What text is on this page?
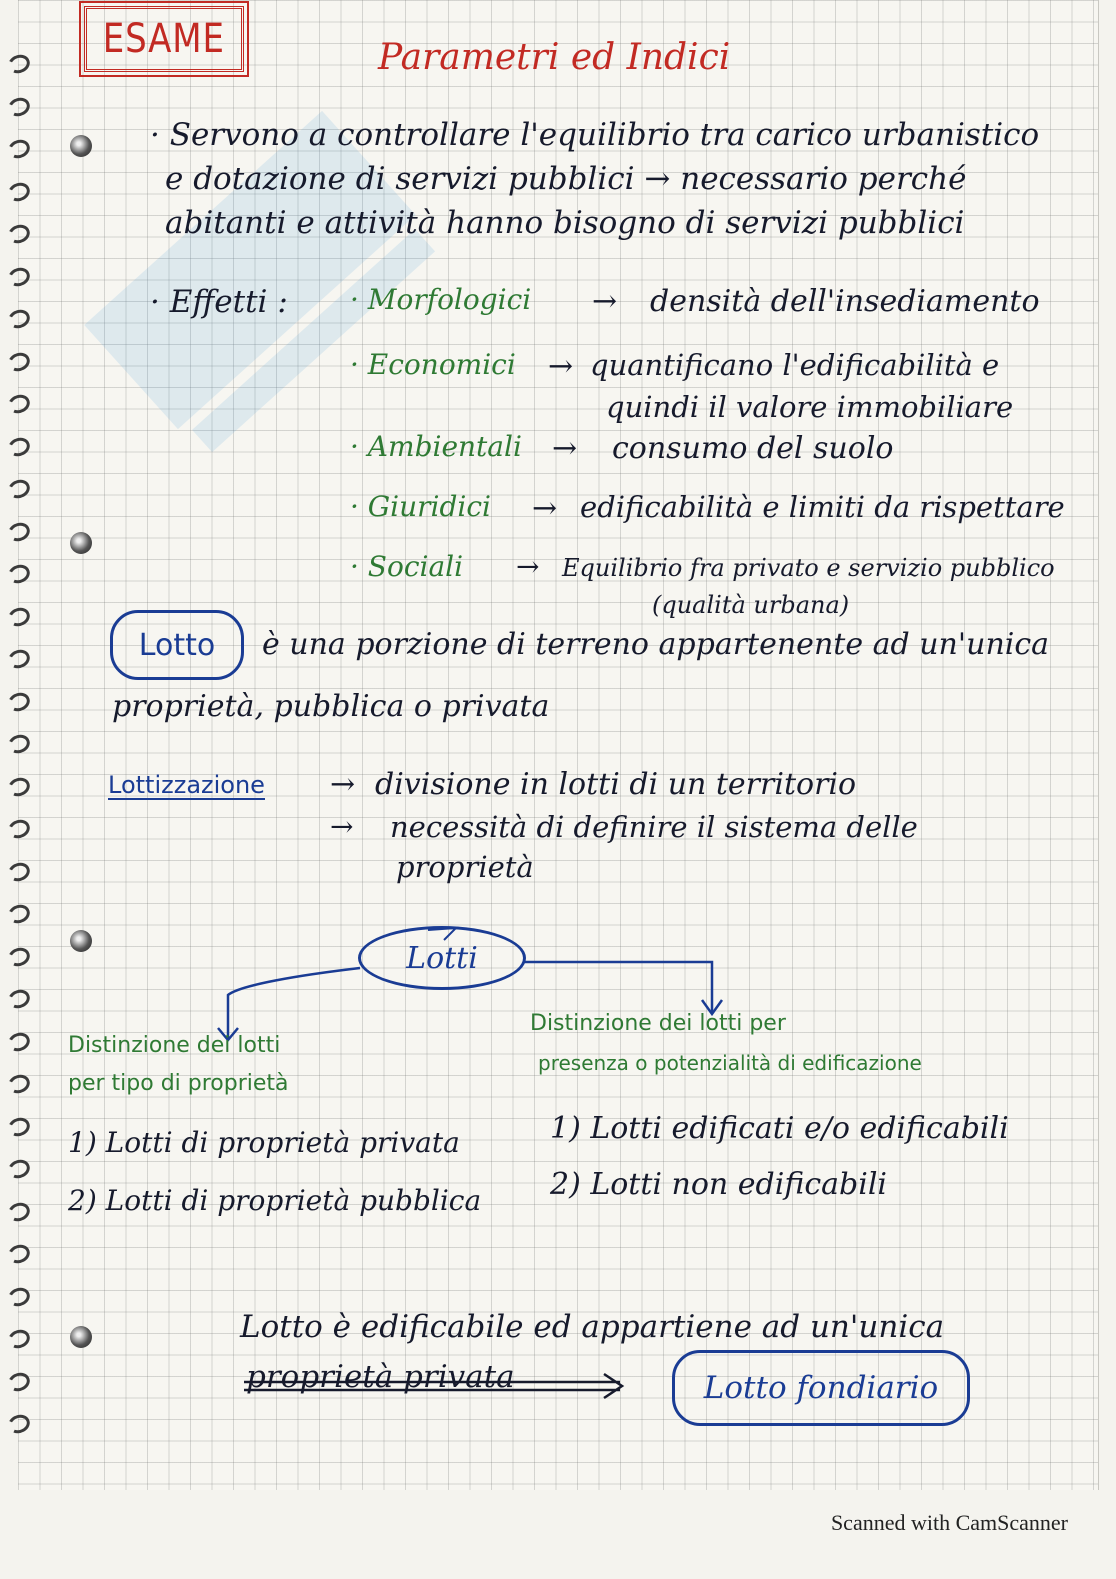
ESAME	Parametri ed Indici
· Servono a controllare l'equilibrio tra carico urbanistico
e dotazione di servizi pubblici → necessario perché
abitanti e attività hanno bisogno di servizi pubblici
· Effetti : · Morfologici → densità dell'insediamento
· Economici → quantificano l'edificabilità e
quindi il valore immobiliare
· Ambientali → consumo del suolo
· Giuridici → edificabilità e limiti da rispettare
· Sociali → Equilibrio fra privato e servizio pubblico
(qualità urbana)
Lotto è una porzione di terreno appartenente ad un'unica
proprietà, pubblica o privata
Lottizzazione → divisione in lotti di un territorio
→ necessità di definire il sistema delle
proprietà
Lotti
Distinzione dei lotti
per tipo di proprietà
1) Lotti di proprietà privata
2) Lotti di proprietà pubblica
Distinzione dei lotti per
presenza o potenzialità di edificazione
1) Lotti edificati e/o edificabili
2) Lotti non edificabili
Lotto è edificabile ed appartiene ad un'unica
proprietà privata	Lotto fondiario
Scanned with CamScanner
